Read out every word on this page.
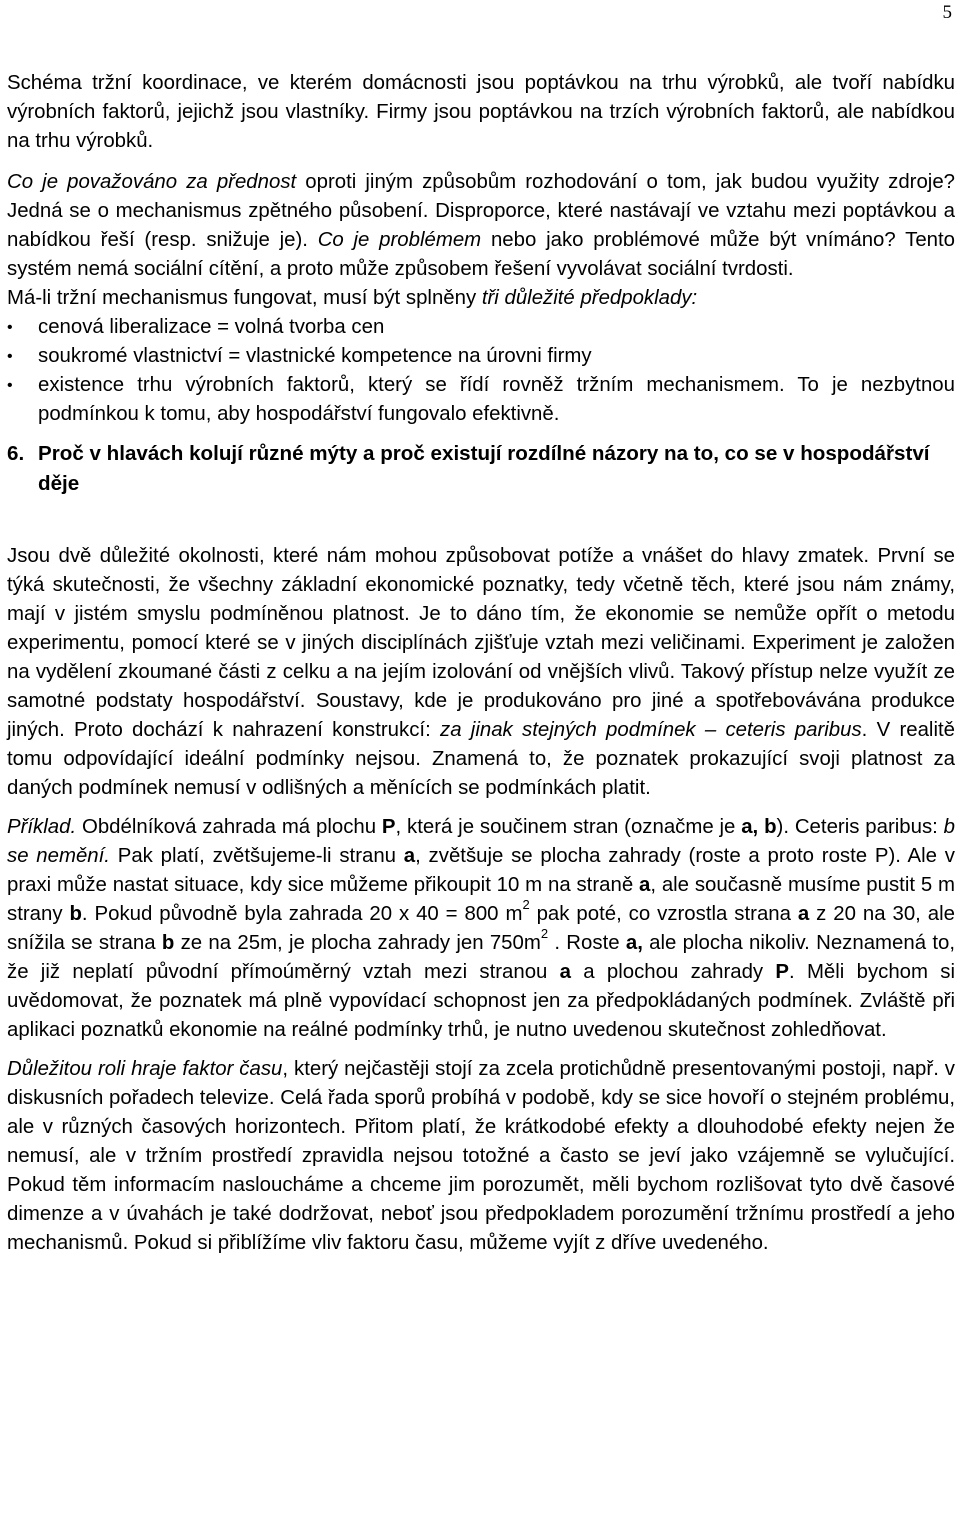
5

Schéma tržní koordinace, ve kterém domácnosti jsou poptávkou na trhu výrobků, ale tvoří nabídku výrobních faktorů, jejichž jsou vlastníky. Firmy jsou poptávkou na trzích výrobních faktorů, ale nabídkou na trhu výrobků.

Co je považováno za přednost oproti jiným způsobům rozhodování o tom, jak budou využity zdroje? Jedná se o mechanismus zpětného působení. Disproporce, které nastávají ve vztahu mezi poptávkou a nabídkou řeší (resp. snižuje je). Co je problémem nebo jako problémové může být vnímáno? Tento systém nemá sociální cítění, a proto může způsobem řešení vyvolávat sociální tvrdosti.

Má-li tržní mechanismus fungovat, musí být splněny tři důležité předpoklady:

• cenová liberalizace = volná tvorba cen
• soukromé vlastnictví = vlastnické kompetence na úrovni firmy
• existence trhu výrobních faktorů, který se řídí rovněž tržním mechanismem. To je nezbytnou podmínkou k tomu, aby hospodářství fungovalo efektivně.
6. Proč v hlavách kolují různé mýty a proč existují rozdílné názory na to, co se v hospodářství děje

Jsou dvě důležité okolnosti, které nám mohou způsobovat potíže a vnášet do hlavy zmatek. První se týká skutečnosti, že všechny základní ekonomické poznatky, tedy včetně těch, které jsou nám známy, mají v jistém smyslu podmíněnou platnost. Je to dáno tím, že ekonomie se nemůže opřít o metodu experimentu, pomocí které se v jiných disciplínách zjišťuje vztah mezi veličinami. Experiment je založen na vydělení zkoumané části z celku a na jejím izolování od vnějších vlivů. Takový přístup nelze využít ze samotné podstaty hospodářství. Soustavy, kde je produkováno pro jiné a spotřebovávána produkce jiných. Proto dochází k nahrazení konstrukcí: za jinak stejných podmínek – ceteris paribus. V realitě tomu odpovídající ideální podmínky nejsou. Znamená to, že poznatek prokazující svoji platnost za daných podmínek nemusí v odlišných a měnících se podmínkách platit.

Příklad. Obdélníková zahrada má plochu P, která je součinem stran (označme je a, b). Ceteris paribus: b se nemění. Pak platí, zvětšujeme-li stranu a, zvětšuje se plocha zahrady (roste a proto roste P). Ale v praxi může nastat situace, kdy sice můžeme přikoupit 10 m na straně a, ale současně musíme pustit 5 m strany b. Pokud původně byla zahrada 20 x 40 = 800 $m^2$ pak poté, co vzrostla strana a z 20 na 30, ale snížila se strana b ze na 25m, je plocha zahrady jen $750m^2$ . Roste a, ale plocha nikoliv. Neznamená to, že již neplatí původní přímoúměrný vztah mezi stranou a a plochou zahrady P. Měli bychom si uvědomovat, že poznatek má plně vypovídací schopnost jen za předpokládaných podmínek. Zvláště při aplikaci poznatků ekonomie na reálné podmínky trhů, je nutno uvedenou skutečnost zohledňovat.

Důležitou roli hraje faktor času, který nejčastěji stojí za zcela protichůdně presentovanými postoji, např. v diskusních pořadech televize. Celá řada sporů probíhá v podobě, kdy se sice hovoří o stejném problému, ale v různých časových horizontech. Přitom platí, že krátkodobé efekty a dlouhodobé efekty nejen že nemusí, ale v tržním prostředí zpravidla nejsou totožné a často se jeví jako vzájemně se vylučující. Pokud těm informacím nasloucháme a chceme jim porozumět, měli bychom rozlišovat tyto dvě časové dimenze a v úvahách je také dodržovat, neboť jsou předpokladem porozumění tržnímu prostředí a jeho mechanismů. Pokud si přiblížíme vliv faktoru času, můžeme vyjít z dříve uvedeného.
